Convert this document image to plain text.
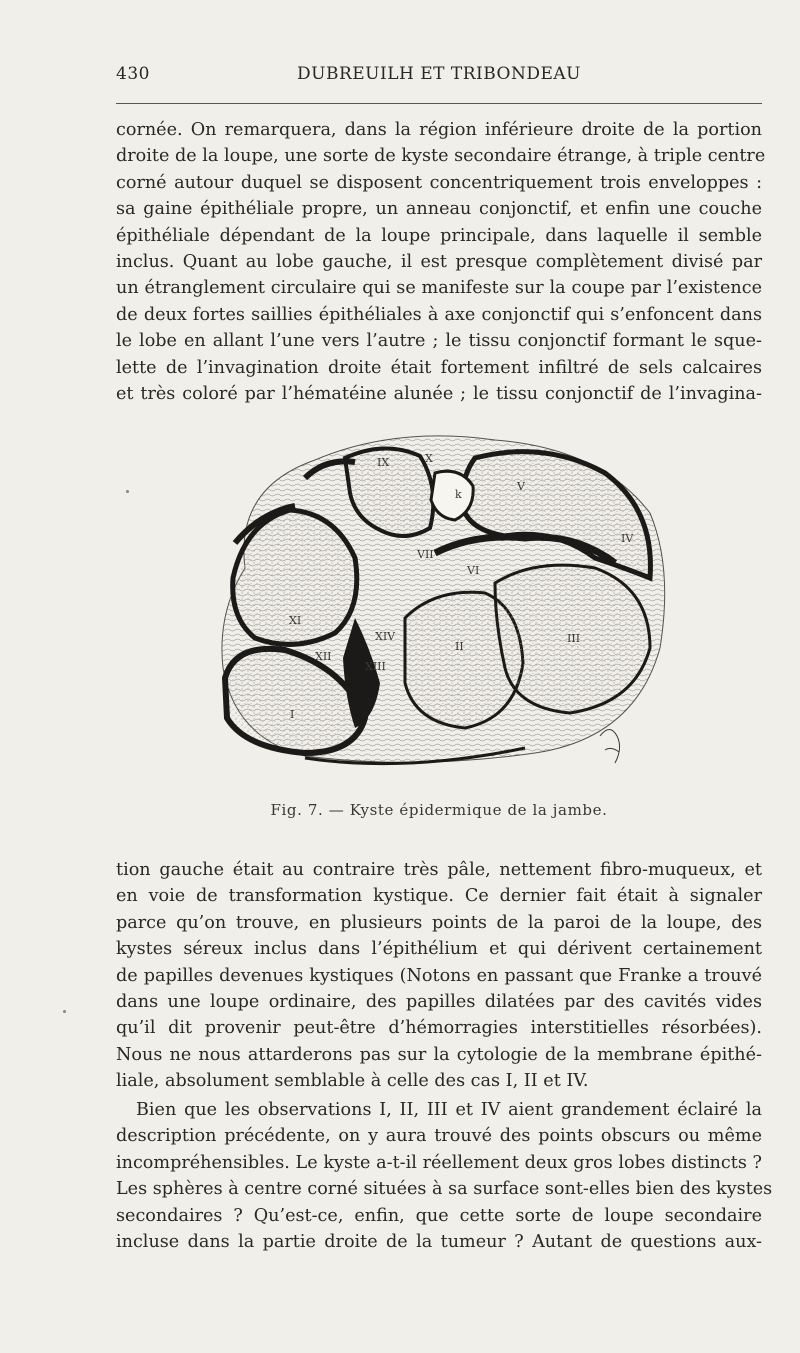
430	DUBREUILH ET TRIBONDEAU
cornée. On remarquera, dans la région inférieure droite de la portion
droite de la loupe, une sorte de kyste secondaire étrange, à triple centre
corné autour duquel se disposent concentriquement trois enveloppes :
sa gaine épithéliale propre, un anneau conjonctif, et enfin une couche
épithéliale dépendant de la loupe principale, dans laquelle il semble
inclus. Quant au lobe gauche, il est presque complètement divisé par
un étranglement circulaire qui se manifeste sur la coupe par l’existence
de deux fortes saillies épithéliales à axe conjonctif qui s’enfoncent dans
le lobe en allant l’une vers l’autre ; le tissu conjonctif formant le sque-
lette de l’invagination droite était fortement infiltré de sels calcaires
et très coloré par l’hématéine alunée ; le tissu conjonctif de l’invagina-
I
II
III
IV
V
VI
VII
IX	X
XI
XII
XIII
XIV
k
Fig. 7. — Kyste épidermique de la jambe.
tion gauche était au contraire très pâle, nettement fibro-muqueux, et
en voie de transformation kystique. Ce dernier fait était à signaler
parce qu’on trouve, en plusieurs points de la paroi de la loupe, des
kystes séreux inclus dans l’épithélium et qui dérivent certainement
de papilles devenues kystiques (Notons en passant que Franke a trouvé
dans une loupe ordinaire, des papilles dilatées par des cavités vides
qu’il dit provenir peut-être d’hémorragies interstitielles résorbées).
Nous ne nous attarderons pas sur la cytologie de la membrane épithé-
liale, absolument semblable à celle des cas I, II et IV.
Bien que les observations I, II, III et IV aient grandement éclairé la
description précédente, on y aura trouvé des points obscurs ou même
incompréhensibles. Le kyste a-t-il réellement deux gros lobes distincts ?
Les sphères à centre corné situées à sa surface sont-elles bien des kystes
secondaires ? Qu’est-ce, enfin, que cette sorte de loupe secondaire
incluse dans la partie droite de la tumeur ? Autant de questions aux-
